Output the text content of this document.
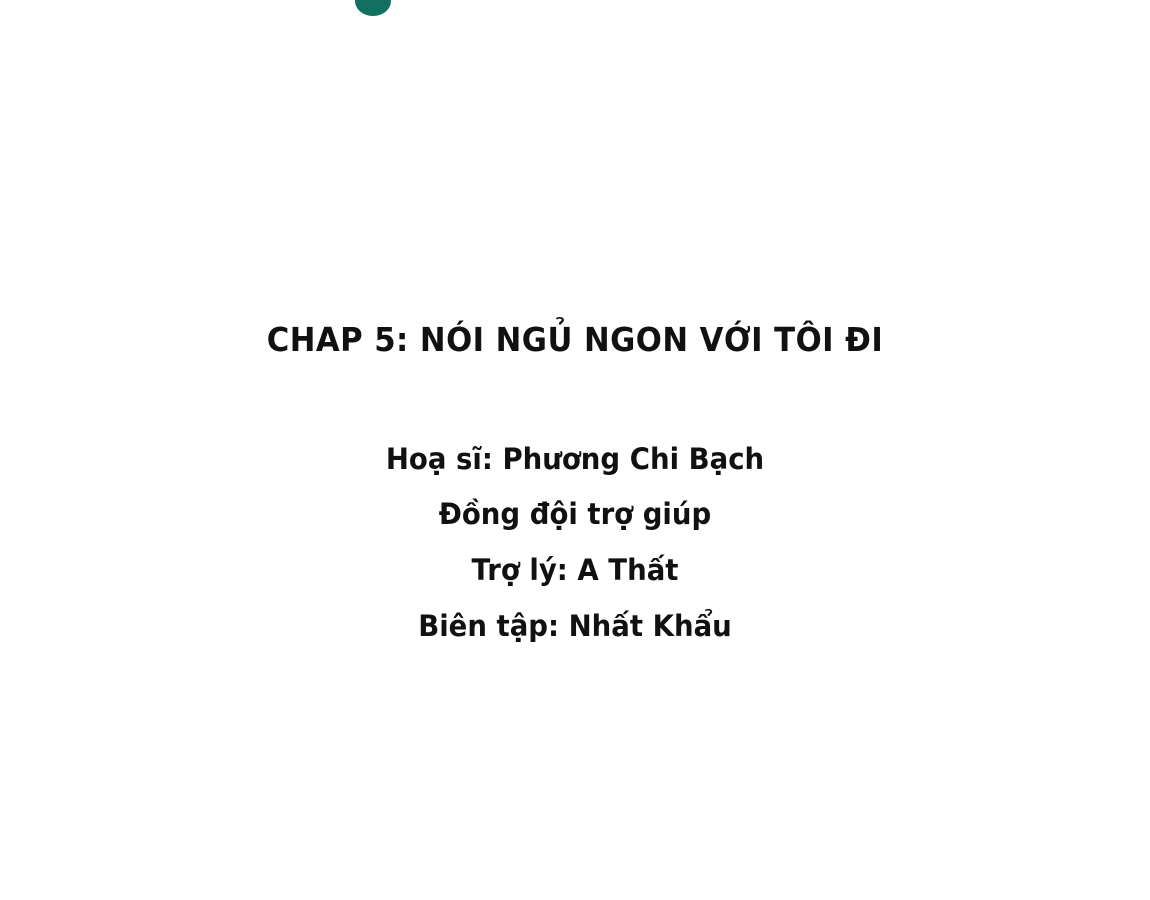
CHAP 5: NÓI NGỦ NGON VỚI TÔI ĐI

Hoạ sĩ: Phương Chi Bạch

Đồng đội trợ giúp

Trợ lý: A Thất

Biên tập: Nhất Khẩu
